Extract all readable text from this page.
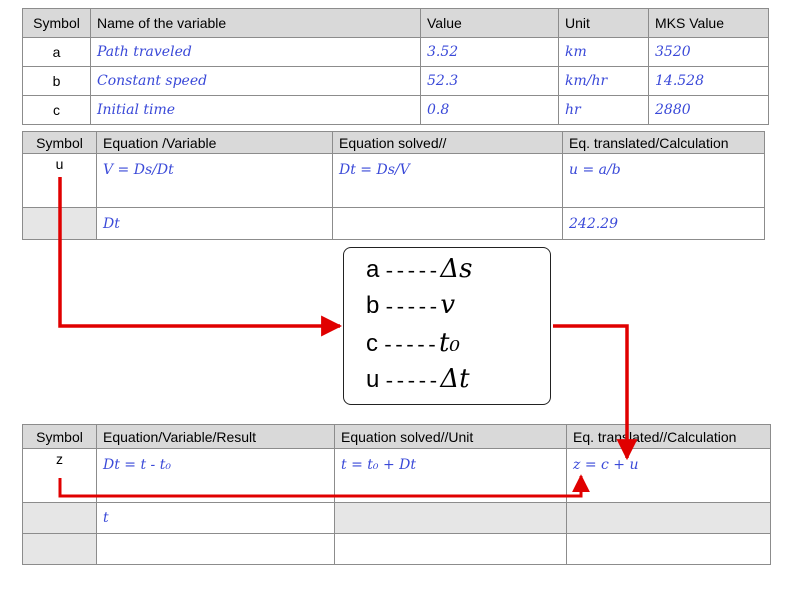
Symbol	Name of the variable	Value	Unit	MKS Value
a	Path traveled	3.52	km	3520
b	Constant speed	52.3	km/hr	14.528
c	Initial time	0.8	hr	2880
Symbol	Equation /Variable	Equation solved//	Eq. translated/Calculation
u	V = Ds/Dt	Dt = Ds/V	u = a/b
	Dt		242.29
a ----- Δs
b ----- v
c ----- t₀
u ----- Δt
Symbol	Equation/Variable/Result	Equation solved//Unit	Eq. translated//Calculation
z	Dt = t - t₀	t = t₀ + Dt	z = c + u
	t		
